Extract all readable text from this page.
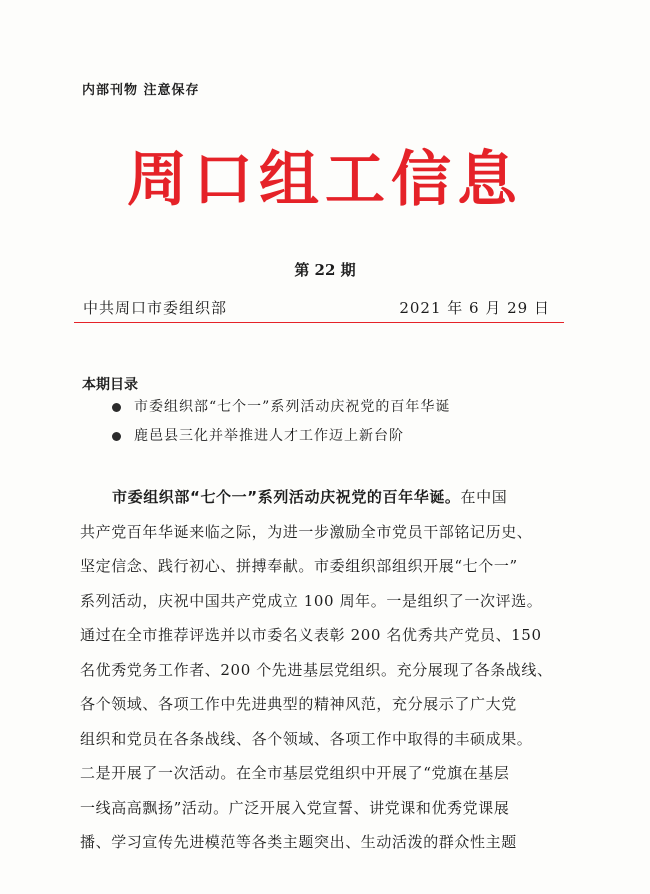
内部刊物 注意保存
周口组工信息
第 22 期
中共周口市委组织部	2021 年 6 月 29 日
本期目录
市委组织部“七个一”系列活动庆祝党的百年华诞
鹿邑县三化并举推进人才工作迈上新台阶
市委组织部“七个一”系列活动庆祝党的百年华诞。在中国
共产党百年华诞来临之际，为进一步激励全市党员干部铭记历史、
坚定信念、践行初心、拼搏奉献。市委组织部组织开展“七个一”
系列活动，庆祝中国共产党成立 100 周年。一是组织了一次评选。
通过在全市推荐评选并以市委名义表彰 200 名优秀共产党员、150
名优秀党务工作者、200 个先进基层党组织。充分展现了各条战线、
各个领域、各项工作中先进典型的精神风范，充分展示了广大党
组织和党员在各条战线、各个领域、各项工作中取得的丰硕成果。
二是开展了一次活动。在全市基层党组织中开展了“党旗在基层
一线高高飘扬”活动。广泛开展入党宣誓、讲党课和优秀党课展
播、学习宣传先进模范等各类主题突出、生动活泼的群众性主题
